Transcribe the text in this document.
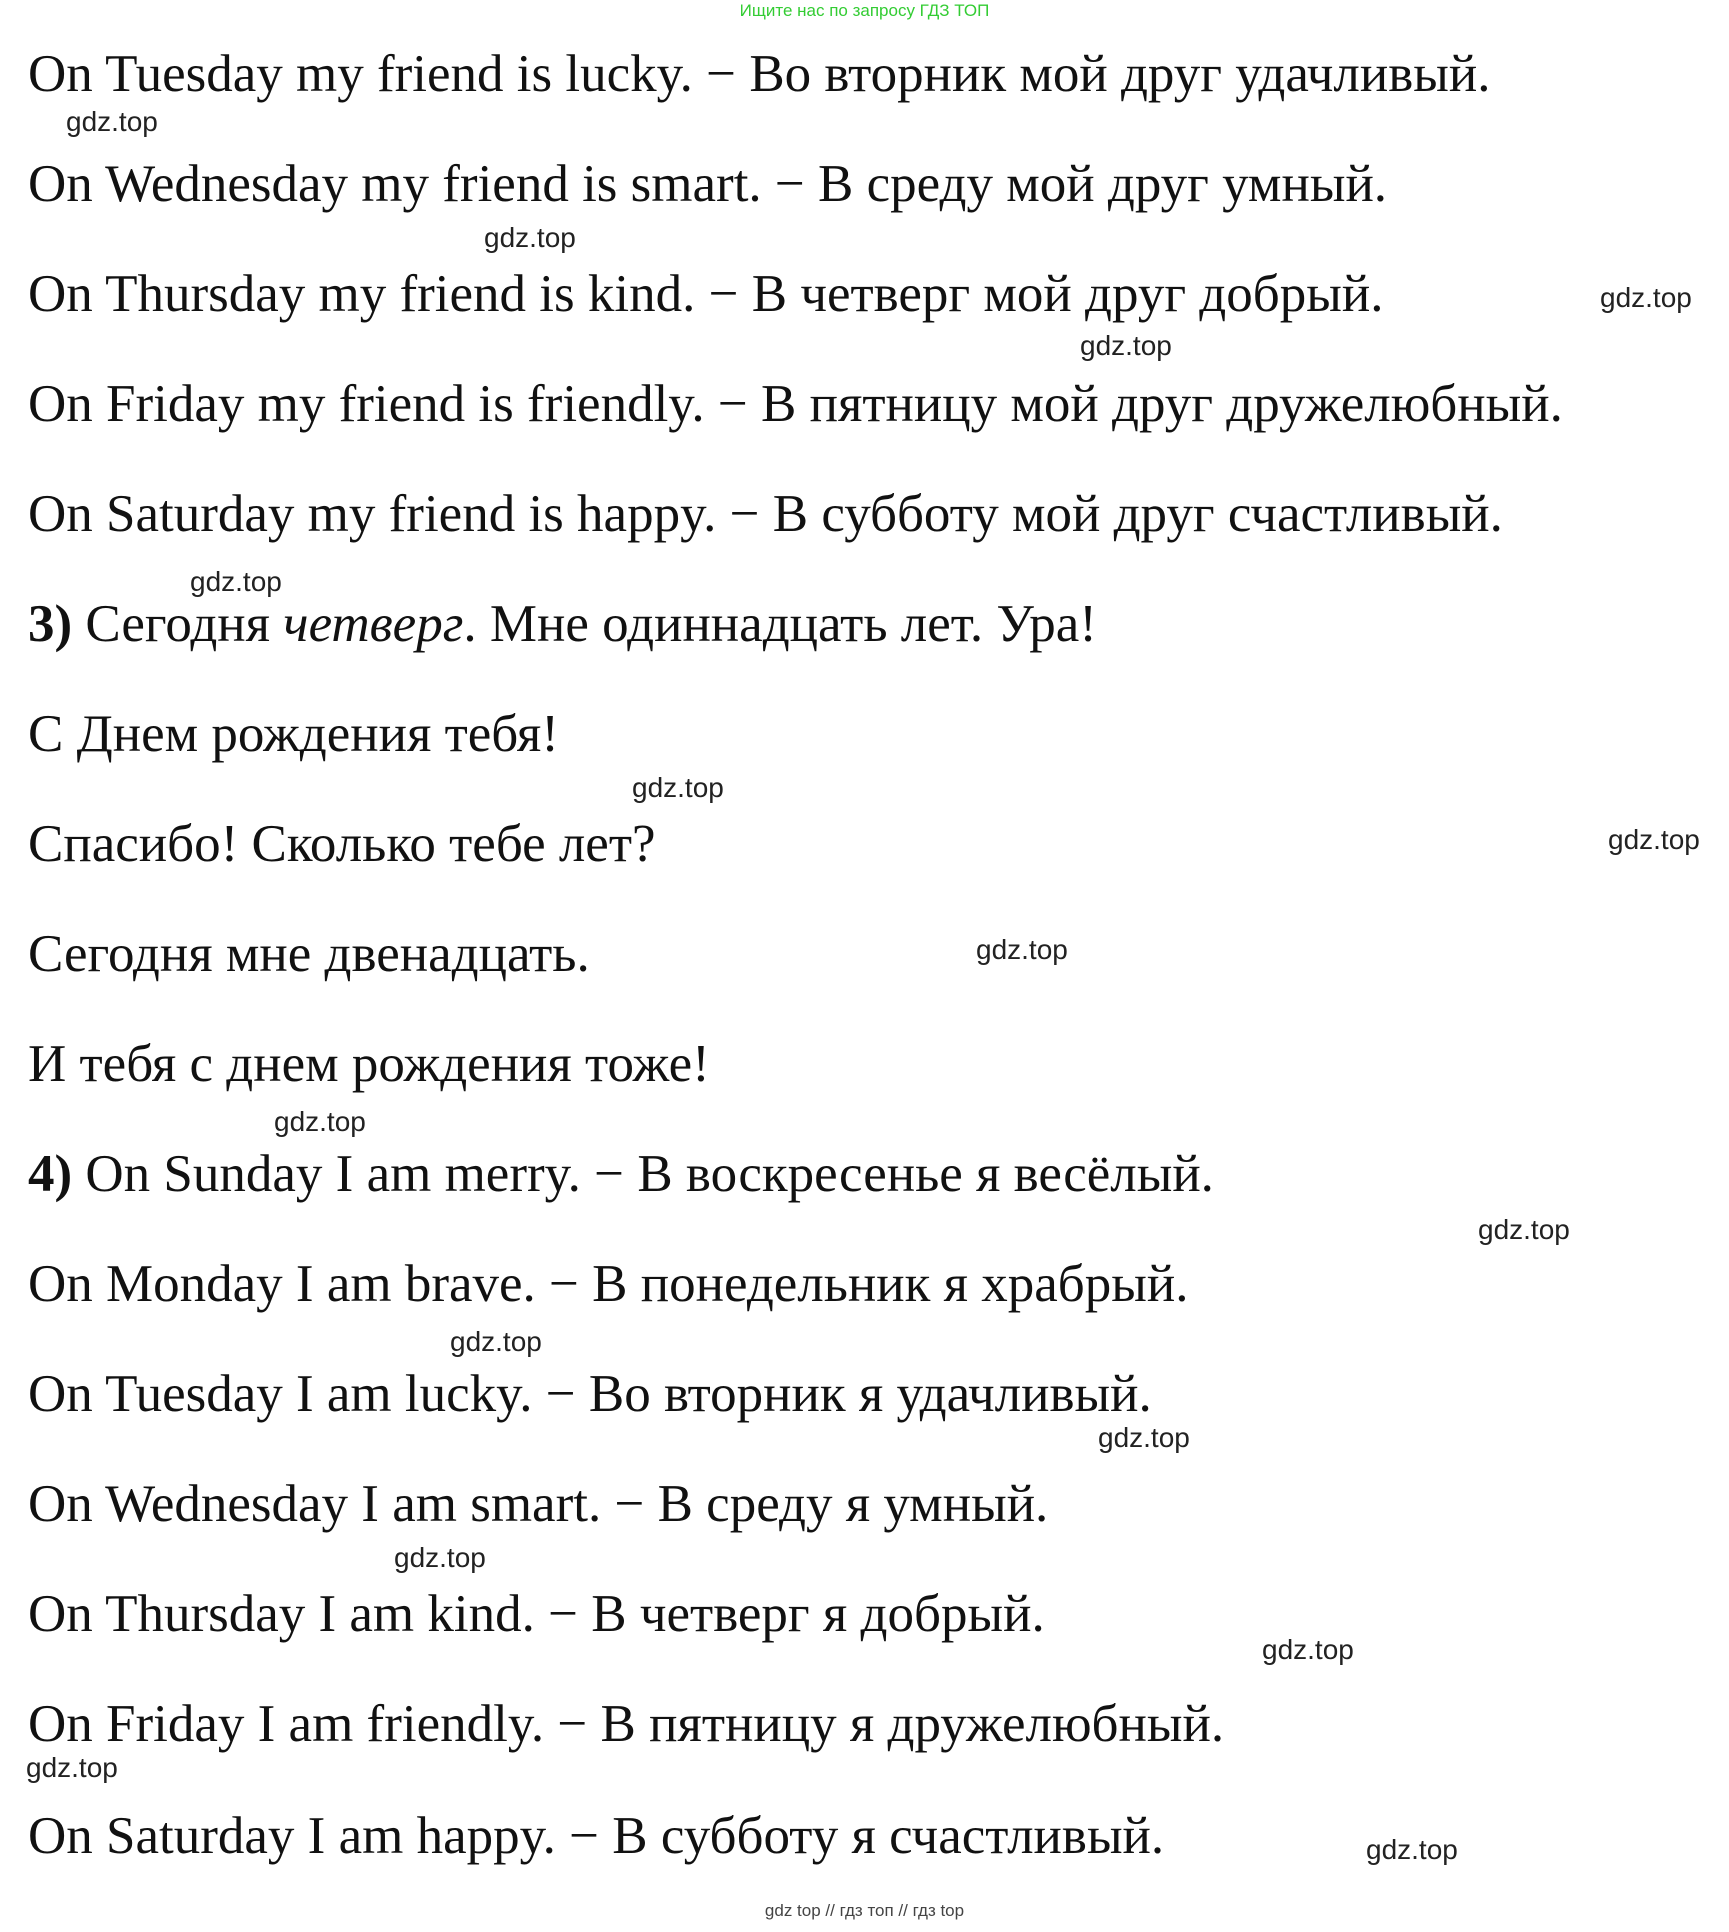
Ищите нас по запросу ГДЗ ТОП
On Tuesday my friend is lucky. − Во вторник мой друг удачливый.
On Wednesday my friend is smart. − В среду мой друг умный.
On Thursday my friend is kind. − В четверг мой друг добрый.
On Friday my friend is friendly. − В пятницу мой друг дружелюбный.
On Saturday my friend is happy. − В субботу мой друг счастливый.
3) Сегодня четверг. Мне одиннадцать лет. Ура!
С Днем рождения тебя!
Спасибо! Сколько тебе лет?
Сегодня мне двенадцать.
И тебя с днем рождения тоже!
4) On Sunday I am merry. − В воскресенье я весёлый.
On Monday I am brave. − В понедельник я храбрый.
On Tuesday I am lucky. − Во вторник я удачливый.
On Wednesday I am smart. − В среду я умный.
On Thursday I am kind. − В четверг я добрый.
On Friday I am friendly. − В пятницу я дружелюбный.
On Saturday I am happy. − В субботу я счастливый.
gdz.top
gdz.top
gdz.top
gdz.top
gdz.top
gdz.top
gdz.top
gdz.top
gdz.top
gdz.top
gdz.top
gdz.top
gdz.top
gdz.top
gdz.top
gdz.top
gdz top // гдз топ // гдз top
